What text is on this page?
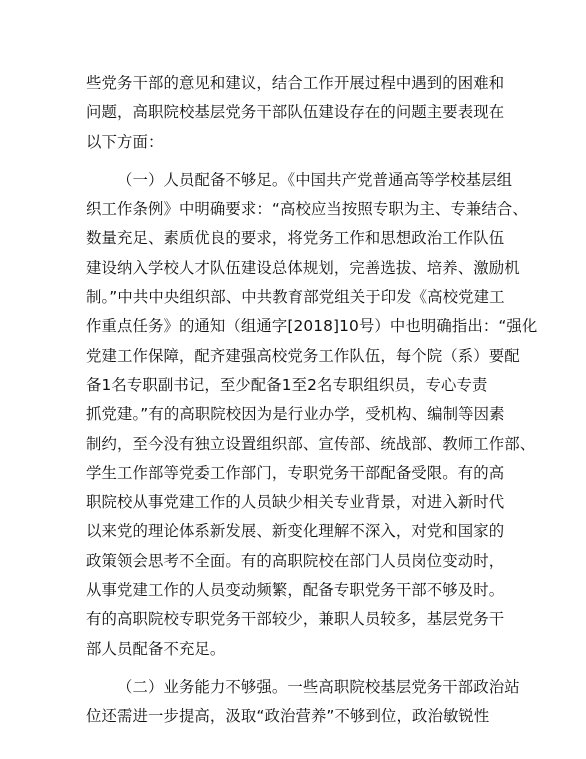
些党务干部的意见和建议，结合工作开展过程中遇到的困难和
问题，高职院校基层党务干部队伍建设存在的问题主要表现在
以下方面：
（一）人员配备不够足。《中国共产党普通高等学校基层组
织工作条例》中明确要求：“高校应当按照专职为主、专兼结合、
数量充足、素质优良的要求，将党务工作和思想政治工作队伍
建设纳入学校人才队伍建设总体规划，完善选拔、培养、激励机
制。”中共中央组织部、中共教育部党组关于印发《高校党建工
作重点任务》的通知（组通字[2018]10号）中也明确指出：“强化
党建工作保障，配齐建强高校党务工作队伍，每个院（系）要配
备1名专职副书记，至少配备1至2名专职组织员，专心专责
抓党建。”有的高职院校因为是行业办学，受机构、编制等因素
制约，至今没有独立设置组织部、宣传部、统战部、教师工作部、
学生工作部等党委工作部门，专职党务干部配备受限。有的高
职院校从事党建工作的人员缺少相关专业背景，对进入新时代
以来党的理论体系新发展、新变化理解不深入，对党和国家的
政策领会思考不全面。有的高职院校在部门人员岗位变动时，
从事党建工作的人员变动频繁，配备专职党务干部不够及时。
有的高职院校专职党务干部较少，兼职人员较多，基层党务干
部人员配备不充足。
（二）业务能力不够强。一些高职院校基层党务干部政治站
位还需进一步提高，汲取“政治营养”不够到位，政治敏锐性
